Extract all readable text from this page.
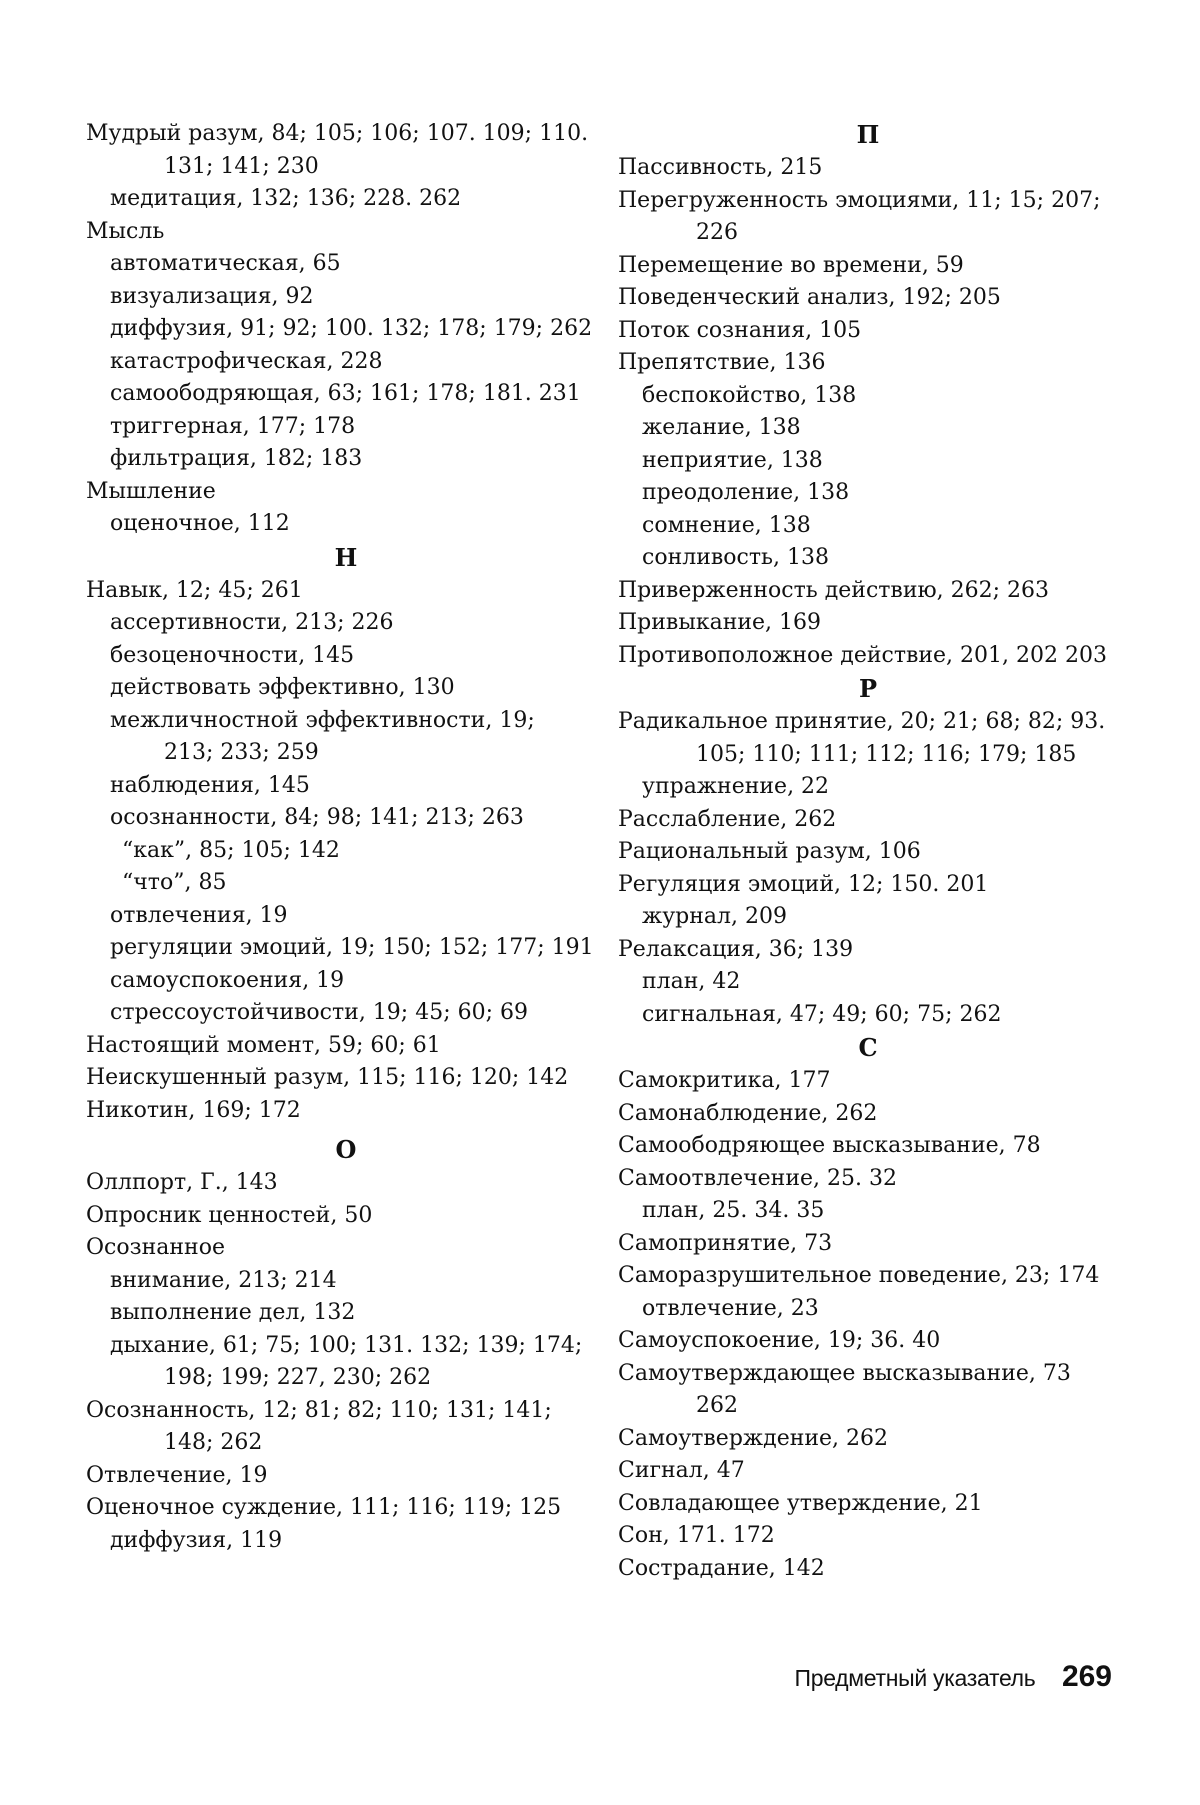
Мудрый разум, 84; 105; 106; 107. 109; 110.
131; 141; 230
медитация, 132; 136; 228. 262
Мысль
автоматическая, 65
визуализация, 92
диффузия, 91; 92; 100. 132; 178; 179; 262
катастрофическая, 228
самоободряющая, 63; 161; 178; 181. 231
триггерная, 177; 178
фильтрация, 182; 183
Мышление
оценочное, 112
Н
Навык, 12; 45; 261
ассертивности, 213; 226
безоценочности, 145
действовать эффективно, 130
межличностной эффективности, 19;
213; 233; 259
наблюдения, 145
осознанности, 84; 98; 141; 213; 263
“как”, 85; 105; 142
“что”, 85
отвлечения, 19
регуляции эмоций, 19; 150; 152; 177; 191
самоуспокоения, 19
стрессоустойчивости, 19; 45; 60; 69
Настоящий момент, 59; 60; 61
Неискушенный разум, 115; 116; 120; 142
Никотин, 169; 172
О
Оллпорт, Г., 143
Опросник ценностей, 50
Осознанное
внимание, 213; 214
выполнение дел, 132
дыхание, 61; 75; 100; 131. 132; 139; 174;
198; 199; 227, 230; 262
Осознанность, 12; 81; 82; 110; 131; 141;
148; 262
Отвлечение, 19
Оценочное суждение, 111; 116; 119; 125
диффузия, 119
П
Пассивность, 215
Перегруженность эмоциями, 11; 15; 207;
226
Перемещение во времени, 59
Поведенческий анализ, 192; 205
Поток сознания, 105
Препятствие, 136
беспокойство, 138
желание, 138
неприятие, 138
преодоление, 138
сомнение, 138
сонливость, 138
Приверженность действию, 262; 263
Привыкание, 169
Противоположное действие, 201, 202 203
Р
Радикальное принятие, 20; 21; 68; 82; 93.
105; 110; 111; 112; 116; 179; 185
упражнение, 22
Расслабление, 262
Рациональный разум, 106
Регуляция эмоций, 12; 150. 201
журнал, 209
Релаксация, 36; 139
план, 42
сигнальная, 47; 49; 60; 75; 262
С
Самокритика, 177
Самонаблюдение, 262
Самоободряющее высказывание, 78
Самоотвлечение, 25. 32
план, 25. 34. 35
Самопринятие, 73
Саморазрушительное поведение, 23; 174
отвлечение, 23
Самоуспокоение, 19; 36. 40
Самоутверждающее высказывание, 73
262
Самоутверждение, 262
Сигнал, 47
Совладающее утверждение, 21
Сон, 171. 172
Сострадание, 142
Предметный указатель 269
